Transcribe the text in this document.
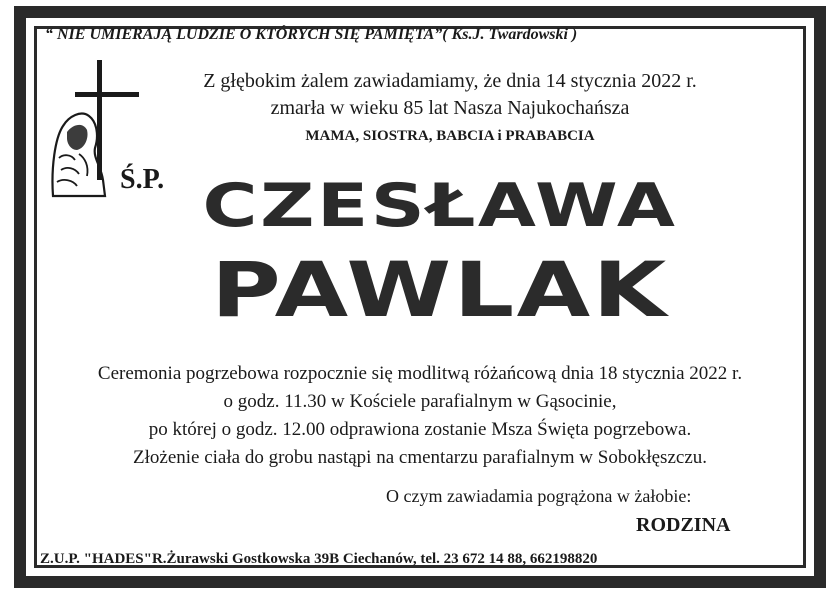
“ NIE UMIERAJĄ LUDZIE O KTÓRYCH SIĘ PAMIĘTA”( Ks.J. Twardowski )
Ś.P.
Z głębokim żalem zawiadamiamy, że dnia 14 stycznia 2022 r.
zmarła w wieku 85 lat Nasza Najukochańsza
MAMA, SIOSTRA, BABCIA i PRABABCIA
CZESŁAWA
PAWLAK
Ceremonia pogrzebowa rozpocznie się modlitwą różańcową dnia 18 stycznia 2022 r.
o godz. 11.30 w Kościele parafialnym w Gąsocinie,
po której o godz. 12.00 odprawiona zostanie Msza Święta pogrzebowa.
Złożenie ciała do grobu nastąpi na cmentarzu parafialnym w Sobokłęszczu.
O czym zawiadamia pogrążona w żałobie:
RODZINA
Z.U.P. "HADES"R.Żurawski Gostkowska 39B Ciechanów, tel. 23 672 14 88, 662198820
